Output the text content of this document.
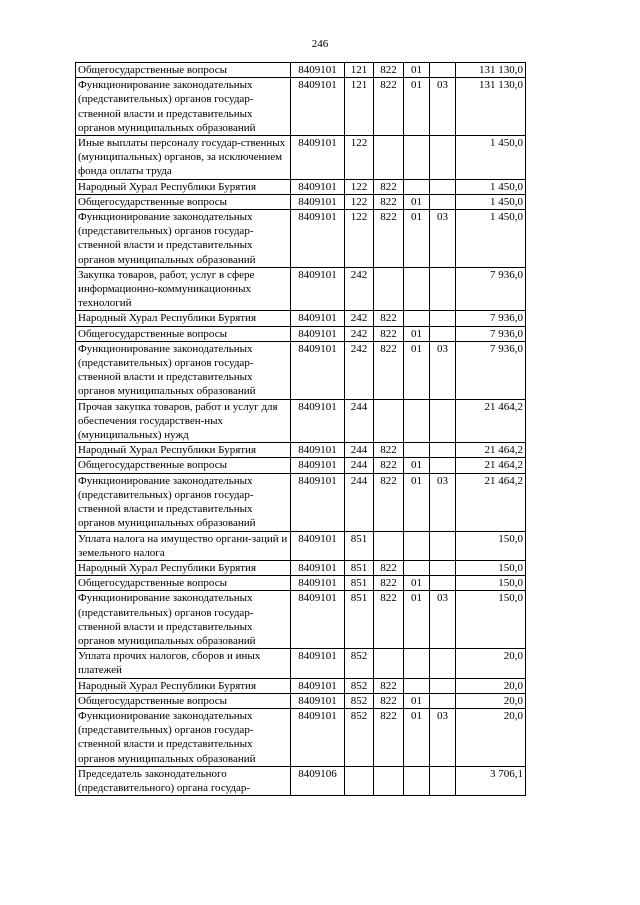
246
Общегосударственные вопросы	8409101	121	822	01		131 130,0
Функционирование законодательных (представительных) органов государ-ственной власти и представительных органов муниципальных образований	8409101	121	822	01	03	131 130,0
Иные выплаты персоналу государ-ственных (муниципальных) органов, за исключением фонда оплаты труда	8409101	122				1 450,0
Народный Хурал Республики Бурятия	8409101	122	822			1 450,0
Общегосударственные вопросы	8409101	122	822	01		1 450,0
Функционирование законодательных (представительных) органов государ-ственной власти и представительных органов муниципальных образований	8409101	122	822	01	03	1 450,0
Закупка товаров, работ, услуг в сфере информационно-коммуникационных технологий	8409101	242				7 936,0
Народный Хурал Республики Бурятия	8409101	242	822			7 936,0
Общегосударственные вопросы	8409101	242	822	01		7 936,0
Функционирование законодательных (представительных) органов государ-ственной власти и представительных органов муниципальных образований	8409101	242	822	01	03	7 936,0
Прочая закупка товаров, работ и услуг для обеспечения государствен-ных (муниципальных) нужд	8409101	244				21 464,2
Народный Хурал Республики Бурятия	8409101	244	822			21 464,2
Общегосударственные вопросы	8409101	244	822	01		21 464,2
Функционирование законодательных (представительных) органов государ-ственной власти и представительных органов муниципальных образований	8409101	244	822	01	03	21 464,2
Уплата налога на имущество органи-заций и земельного налога	8409101	851				150,0
Народный Хурал Республики Бурятия	8409101	851	822			150,0
Общегосударственные вопросы	8409101	851	822	01		150,0
Функционирование законодательных (представительных) органов государ-ственной власти и представительных органов муниципальных образований	8409101	851	822	01	03	150,0
Уплата прочих налогов, сборов и иных платежей	8409101	852				20,0
Народный Хурал Республики Бурятия	8409101	852	822			20,0
Общегосударственные вопросы	8409101	852	822	01		20,0
Функционирование законодательных (представительных) органов государ-ственной власти и представительных органов муниципальных образований	8409101	852	822	01	03	20,0
Председатель законодательного (представительного) органа государ-	8409106					3 706,1
